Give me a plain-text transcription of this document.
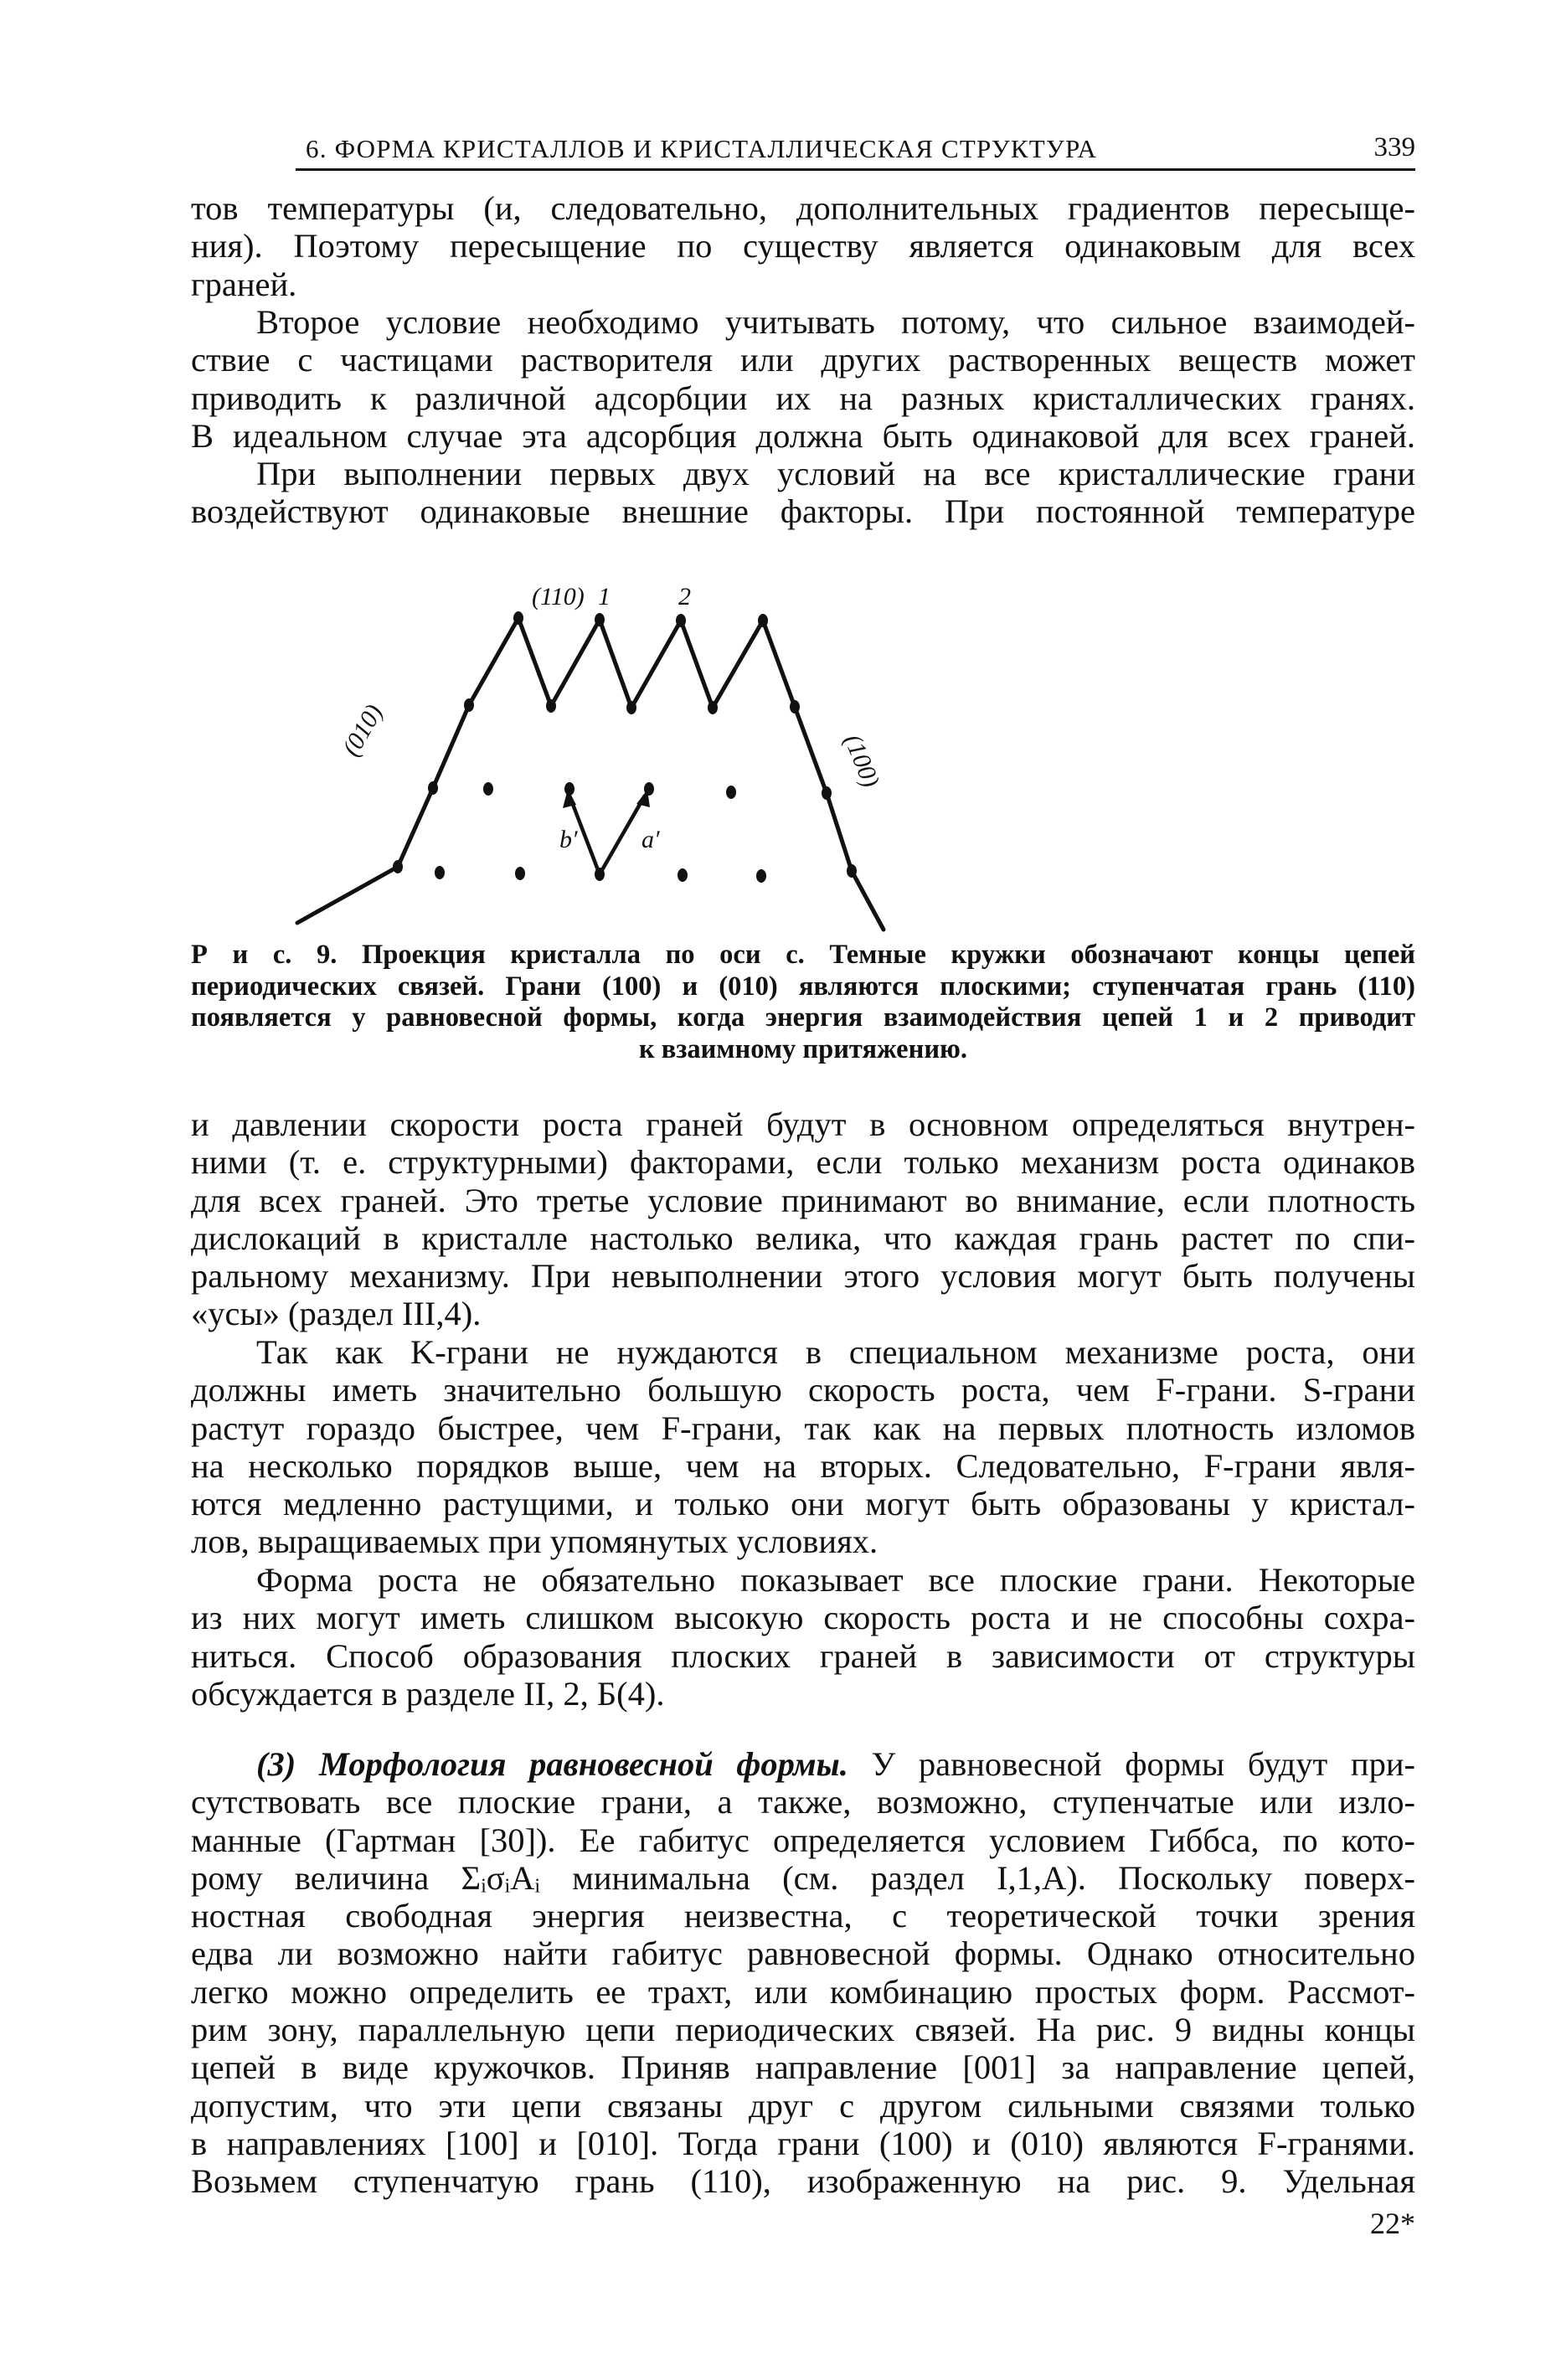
6. ФОРМА КРИСТАЛЛОВ И КРИСТАЛЛИЧЕСКАЯ СТРУКТУРА	339
тов температуры (и, следовательно, дополнительных градиентов пересыще-
ния). Поэтому пересыщение по существу является одинаковым для всех
граней.
Второе условие необходимо учитывать потому, что сильное взаимодей-
ствие с частицами растворителя или других растворенных веществ может
приводить к различной адсорбции их на разных кристаллических гранях.
В идеальном случае эта адсорбция должна быть одинаковой для всех граней.
При выполнении первых двух условий на все кристаллические грани
воздействуют одинаковые внешние факторы. При постоянной температуре
(110) 1	2
(010)
(100)
b′	a′
Р и с. 9. Проекция кристалла по оси c. Темные кружки обозначают концы цепей
периодических связей. Грани (100) и (010) являются плоскими; ступенчатая грань (110)
появляется у равновесной формы, когда энергия взаимодействия цепей 1 и 2 приводит
к взаимному притяжению.
и давлении скорости роста граней будут в основном определяться внутрен-
ними (т. е. структурными) факторами, если только механизм роста одинаков
для всех граней. Это третье условие принимают во внимание, если плотность
дислокаций в кристалле настолько велика, что каждая грань растет по спи-
ральному механизму. При невыполнении этого условия могут быть получены
«усы» (раздел III,4).
Так как K-грани не нуждаются в специальном механизме роста, они
должны иметь значительно большую скорость роста, чем F-грани. S-грани
растут гораздо быстрее, чем F-грани, так как на первых плотность изломов
на несколько порядков выше, чем на вторых. Следовательно, F-грани явля-
ются медленно растущими, и только они могут быть образованы у кристал-
лов, выращиваемых при упомянутых условиях.
Форма роста не обязательно показывает все плоские грани. Некоторые
из них могут иметь слишком высокую скорость роста и не способны сохра-
ниться. Способ образования плоских граней в зависимости от структуры
обсуждается в разделе II, 2, Б(4).
(3) Морфология равновесной формы. У равновесной формы будут при-
сутствовать все плоские грани, а также, возможно, ступенчатые или изло-
манные (Гартман [30]). Ее габитус определяется условием Гиббса, по кото-
рому величина ΣᵢσᵢAᵢ минимальна (см. раздел I,1,A). Поскольку поверх-
ностная свободная энергия неизвестна, с теоретической точки зрения
едва ли возможно найти габитус равновесной формы. Однако относительно
легко можно определить ее трахт, или комбинацию простых форм. Рассмот-
рим зону, параллельную цепи периодических связей. На рис. 9 видны концы
цепей в виде кружочков. Приняв направление [001] за направление цепей,
допустим, что эти цепи связаны друг с другом сильными связями только
в направлениях [100] и [010]. Тогда грани (100) и (010) являются F-гранями.
Возьмем ступенчатую грань (110), изображенную на рис. 9. Удельная
22*
